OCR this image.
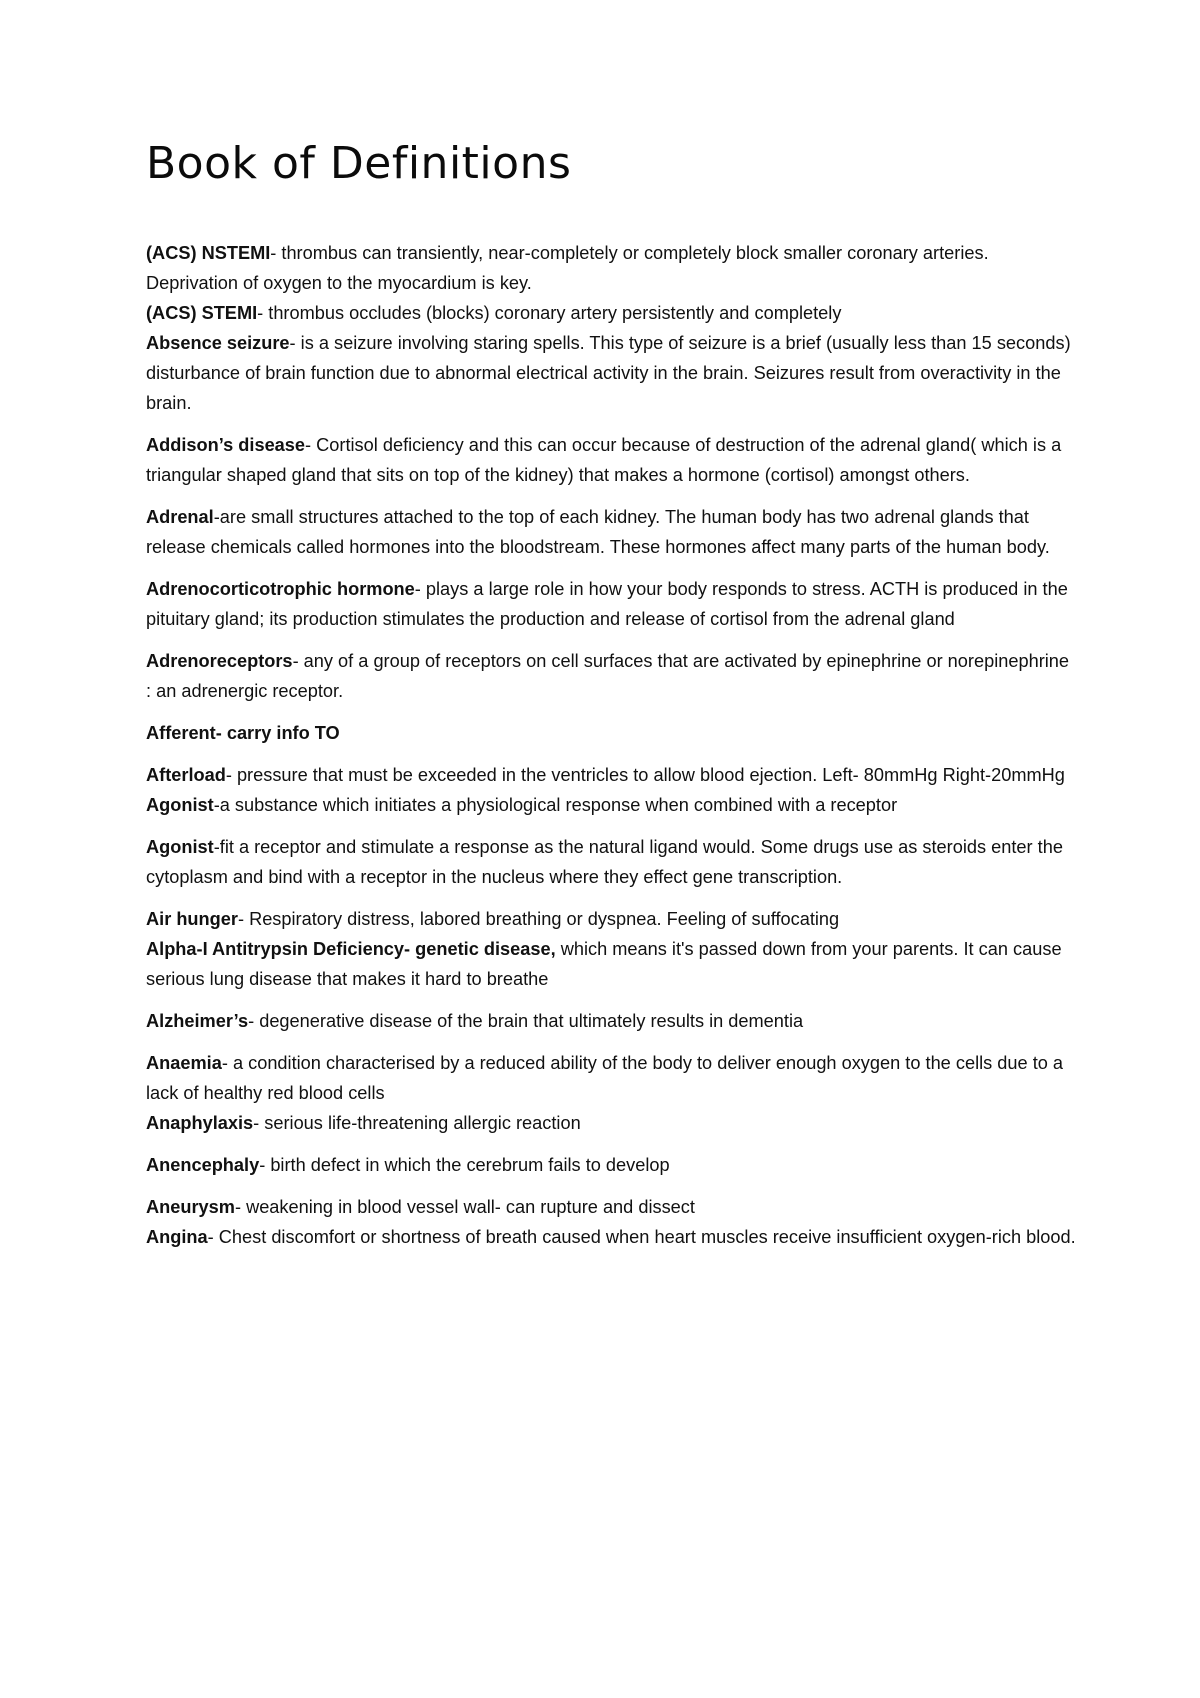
Book of Definitions

(ACS) NSTEMI- thrombus can transiently, near-completely or completely block smaller coronary arteries. Deprivation of oxygen to the myocardium is key.

(ACS) STEMI- thrombus occludes (blocks) coronary artery persistently and completely

Absence seizure- is a seizure involving staring spells. This type of seizure is a brief (usually less than 15 seconds) disturbance of brain function due to abnormal electrical activity in the brain. Seizures result from overactivity in the brain.

Addison’s disease- Cortisol deficiency and this can occur because of destruction of the adrenal gland( which is a triangular shaped gland that sits on top of the kidney) that makes a hormone (cortisol) amongst others.

Adrenal-are small structures attached to the top of each kidney. The human body has two adrenal glands that release chemicals called hormones into the bloodstream. These hormones affect many parts of the human body.

Adrenocorticotrophic hormone- plays a large role in how your body responds to stress. ACTH is produced in the pituitary gland; its production stimulates the production and release of cortisol from the adrenal gland

Adrenoreceptors- any of a group of receptors on cell surfaces that are activated by epinephrine or norepinephrine : an adrenergic receptor.

Afferent- carry info TO

Afterload- pressure that must be exceeded in the ventricles to allow blood ejection. Left- 80mmHg Right-20mmHg

Agonist-a substance which initiates a physiological response when combined with a receptor

Agonist-fit a receptor and stimulate a response as the natural ligand would. Some drugs use as steroids enter the cytoplasm and bind with a receptor in the nucleus where they effect gene transcription.

Air hunger- Respiratory distress, labored breathing or dyspnea. Feeling of suffocating

Alpha-I Antitrypsin Deficiency- genetic disease, which means it's passed down from your parents. It can cause serious lung disease that makes it hard to breathe

Alzheimer’s- degenerative disease of the brain that ultimately results in dementia

Anaemia- a condition characterised by a reduced ability of the body to deliver enough oxygen to the cells due to a lack of healthy red blood cells

Anaphylaxis- serious life-threatening allergic reaction

Anencephaly- birth defect in which the cerebrum fails to develop

Aneurysm- weakening in blood vessel wall- can rupture and dissect

Angina- Chest discomfort or shortness of breath caused when heart muscles receive insufficient oxygen-rich blood.
